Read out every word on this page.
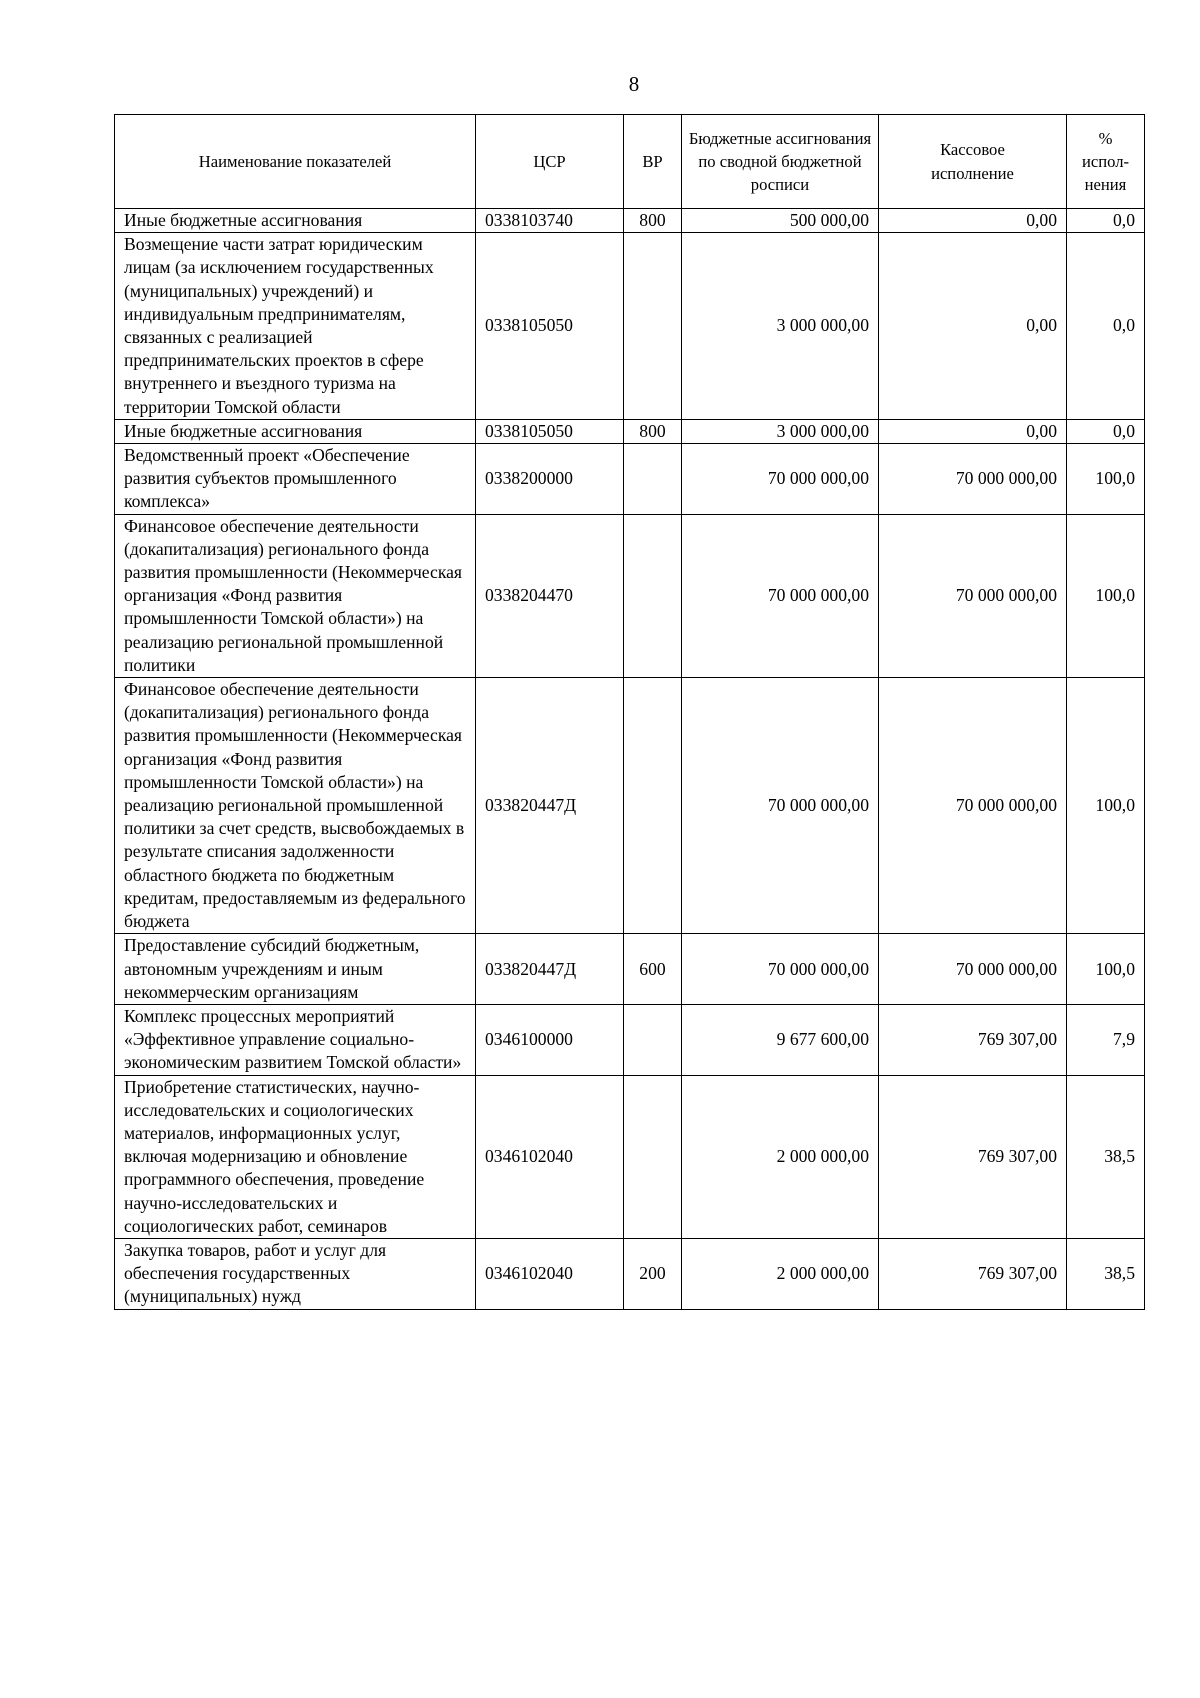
8
Наименование показателей	ЦСР	ВР	Бюджетные ассигнования по сводной бюджетной росписи	Кассовое исполнение	% испол-нения
Иные бюджетные ассигнования	0338103740	800	500 000,00	0,00	0,0
Возмещение части затрат юридическим лицам (за исключением государственных (муниципальных) учреждений) и индивидуальным предпринимателям, связанных с реализацией предпринимательских проектов в сфере внутреннего и въездного туризма на территории Томской области	0338105050		3 000 000,00	0,00	0,0
Иные бюджетные ассигнования	0338105050	800	3 000 000,00	0,00	0,0
Ведомственный проект «Обеспечение развития субъектов промышленного комплекса»	0338200000		70 000 000,00	70 000 000,00	100,0
Финансовое обеспечение деятельности (докапитализация) регионального фонда развития промышленности (Некоммерческая организация «Фонд развития промышленности Томской области») на реализацию региональной промышленной политики	0338204470		70 000 000,00	70 000 000,00	100,0
Финансовое обеспечение деятельности (докапитализация) регионального фонда развития промышленности (Некоммерческая организация «Фонд развития промышленности Томской области») на реализацию региональной промышленной политики за счет средств, высвобождаемых в результате списания задолженности областного бюджета по бюджетным кредитам, предоставляемым из федерального бюджета	033820447Д		70 000 000,00	70 000 000,00	100,0
Предоставление субсидий бюджетным, автономным учреждениям и иным некоммерческим организациям	033820447Д	600	70 000 000,00	70 000 000,00	100,0
Комплекс процессных мероприятий «Эффективное управление социально-экономическим развитием Томской области»	0346100000		9 677 600,00	769 307,00	7,9
Приобретение статистических, научно-исследовательских и социологических материалов, информационных услуг, включая модернизацию и обновление программного обеспечения, проведение научно-исследовательских и социологических работ, семинаров	0346102040		2 000 000,00	769 307,00	38,5
Закупка товаров, работ и услуг для обеспечения государственных (муниципальных) нужд	0346102040	200	2 000 000,00	769 307,00	38,5
